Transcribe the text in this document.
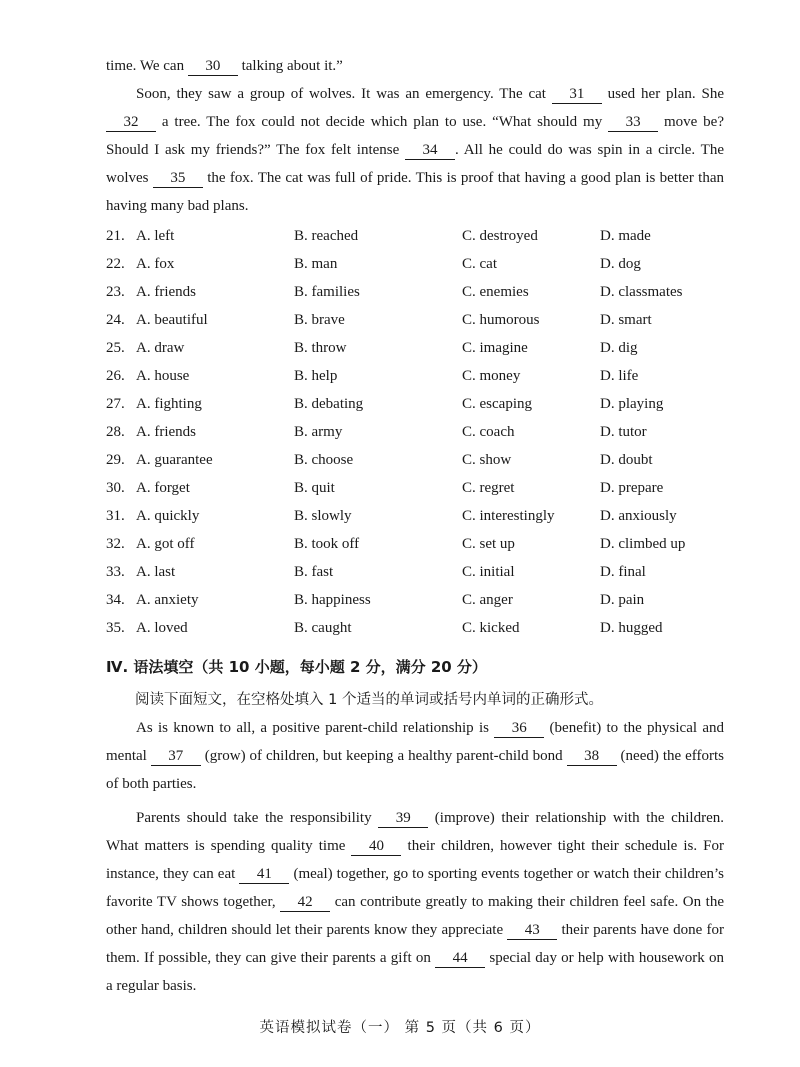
time. We can 30 talking about it.”

Soon, they saw a group of wolves. It was an emergency. The cat 31 used her plan. She 32 a tree. The fox could not decide which plan to use. “What should my 33 move be? Should I ask my friends?” The fox felt intense 34 . All he could do was spin in a circle. The wolves 35 the fox. The cat was full of pride. This is proof that having a good plan is better than having many bad plans.

21. A. left	B. reached	C. destroyed	D. made
22. A. fox	B. man	C. cat	D. dog
23. A. friends	B. families	C. enemies	D. classmates
24. A. beautiful	B. brave	C. humorous	D. smart
25. A. draw	B. throw	C. imagine	D. dig
26. A. house	B. help	C. money	D. life
27. A. fighting	B. debating	C. escaping	D. playing
28. A. friends	B. army	C. coach	D. tutor
29. A. guarantee	B. choose	C. show	D. doubt
30. A. forget	B. quit	C. regret	D. prepare
31. A. quickly	B. slowly	C. interestingly	D. anxiously
32. A. got off	B. took off	C. set up	D. climbed up
33. A. last	B. fast	C. initial	D. final
34. A. anxiety	B. happiness	C. anger	D. pain
35. A. loved	B. caught	C. kicked	D. hugged
Ⅳ. 语法填空（共 10 小题，每小题 2 分，满分 20 分）

阅读下面短文，在空格处填入 1 个适当的单词或括号内单词的正确形式。

As is known to all, a positive parent-child relationship is 36 (benefit) to the physical and mental 37 (grow) of children, but keeping a healthy parent-child bond 38 (need) the efforts of both parties.

Parents should take the responsibility 39 (improve) their relationship with the children. What matters is spending quality time 40 their children, however tight their schedule is. For instance, they can eat 41 (meal) together, go to sporting events together or watch their children’s favorite TV shows together, 42 can contribute greatly to making their children feel safe. On the other hand, children should let their parents know they appreciate 43 their parents have done for them. If possible, they can give their parents a gift on 44 special day or help with housework on a regular basis.

英语模拟试卷（一） 第 5 页（共 6 页）
